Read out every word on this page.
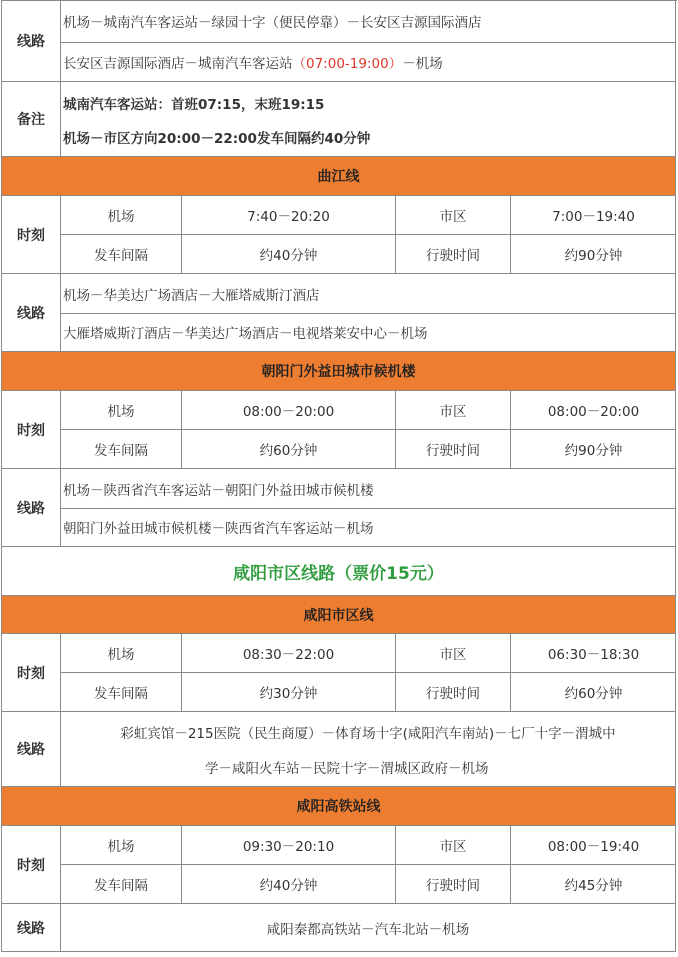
线路
机场－城南汽车客运站－绿园十字（便民停靠）－长安区吉源国际酒店
长安区吉源国际酒店－城南汽车客运站 （07:00-19:00） －机场
备注
城南汽车客运站：首班07:15，末班19:15
机场－市区方向20:00－22:00发车间隔约40分钟
曲江线
时刻
机场	7:40－20:20	市区	7:00－19:40
发车间隔	约40分钟	行驶时间	约90分钟
线路
机场－华美达广场酒店－大雁塔威斯汀酒店
大雁塔威斯汀酒店－华美达广场酒店－电视塔莱安中心－机场
朝阳门外益田城市候机楼
时刻
机场	08:00－20:00	市区	08:00－20:00
发车间隔	约60分钟	行驶时间	约90分钟
线路
机场－陕西省汽车客运站－朝阳门外益田城市候机楼
朝阳门外益田城市候机楼－陕西省汽车客运站－机场
咸阳市区线路（票价15元）
咸阳市区线
时刻
机场	08:30－22:00	市区	06:30－18:30
发车间隔	约30分钟	行驶时间	约60分钟
线路
彩虹宾馆－215医院（民生商厦）－体育场十字(咸阳汽车南站)－七厂十字－渭城中
学－咸阳火车站－民院十字－渭城区政府－机场
咸阳高铁站线
时刻
机场	09:30－20:10	市区	08:00－19:40
发车间隔	约40分钟	行驶时间	约45分钟
线路	咸阳秦都高铁站－汽车北站－机场
